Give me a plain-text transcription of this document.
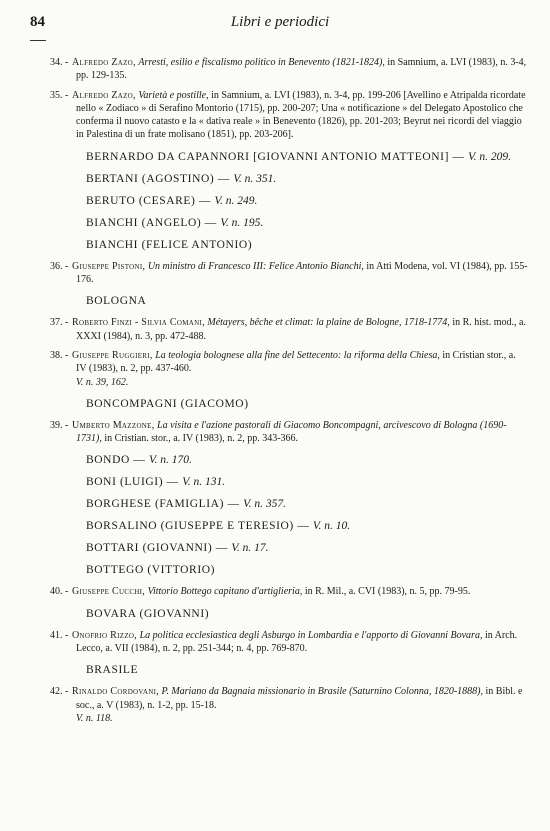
84	Libri e periodici
34. - Alfredo Zazo, Arresti, esilio e fiscalismo politico in Benevento (1821-1824), in Samnium, a. LVI (1983), n. 3-4, pp. 129-135.
35. - Alfredo Zazo, Varietà e postille, in Samnium, a. LVI (1983), n. 3-4, pp. 199-206 [Avellino e Atripalda ricordate nello « Zodiaco » di Serafino Montorio (1715), pp. 200-207; Una « notificazione » del Delegato Apostolico che conferma il nuovo catasto e la « dativa reale » in Benevento (1826), pp. 201-203; Beyrut nei ricordi del viaggio in Palestina di un frate molisano (1851), pp. 203-206].
BERNARDO DA CAPANNORI [GIOVANNI ANTONIO MATTEONI] — V. n. 209.
BERTANI (AGOSTINO) — V. n. 351.
BERUTO (CESARE) — V. n. 249.
BIANCHI (ANGELO) — V. n. 195.
BIANCHI (FELICE ANTONIO)
36. - Giuseppe Pistoni, Un ministro di Francesco III: Felice Antonio Bianchi, in Atti Modena, vol. VI (1984), pp. 155-176.
BOLOGNA
37. - Roberto Finzi - Silvia Comani, Métayers, bêche et climat: la plaine de Bologne, 1718-1774, in R. hist. mod., a. XXXI (1984), n. 3, pp. 472-488.
38. - Giuseppe Ruggieri, La teologia bolognese alla fine del Settecento: la riforma della Chiesa, in Cristian stor., a. IV (1983), n. 2, pp. 437-460.
V. n. 39, 162.
BONCOMPAGNI (GIACOMO)
39. - Umberto Mazzone, La visita e l'azione pastorali di Giacomo Boncompagni, arcivescovo di Bologna (1690-1731), in Cristian. stor., a. IV (1983), n. 2, pp. 343-366.
BONDO — V. n. 170.
BONI (LUIGI) — V. n. 131.
BORGHESE (FAMIGLIA) — V. n. 357.
BORSALINO (GIUSEPPE E TERESIO) — V. n. 10.
BOTTARI (GIOVANNI) — V. n. 17.
BOTTEGO (VITTORIO)
40. - Giuseppe Cucchi, Vittorio Bottego capitano d'artiglieria, in R. Mil., a. CVI (1983), n. 5, pp. 79-95.
BOVARA (GIOVANNI)
41. - Onofrio Rizzo, La politica ecclesiastica degli Asburgo in Lombardia e l'apporto di Giovanni Bovara, in Arch. Lecco, a. VII (1984), n. 2, pp. 251-344; n. 4, pp. 769-870.
BRASILE
42. - Rinaldo Cordovani, P. Mariano da Bagnaia missionario in Brasile (Saturnino Colonna, 1820-1888), in Bibl. e soc., a. V (1983), n. 1-2, pp. 15-18.
V. n. 118.
